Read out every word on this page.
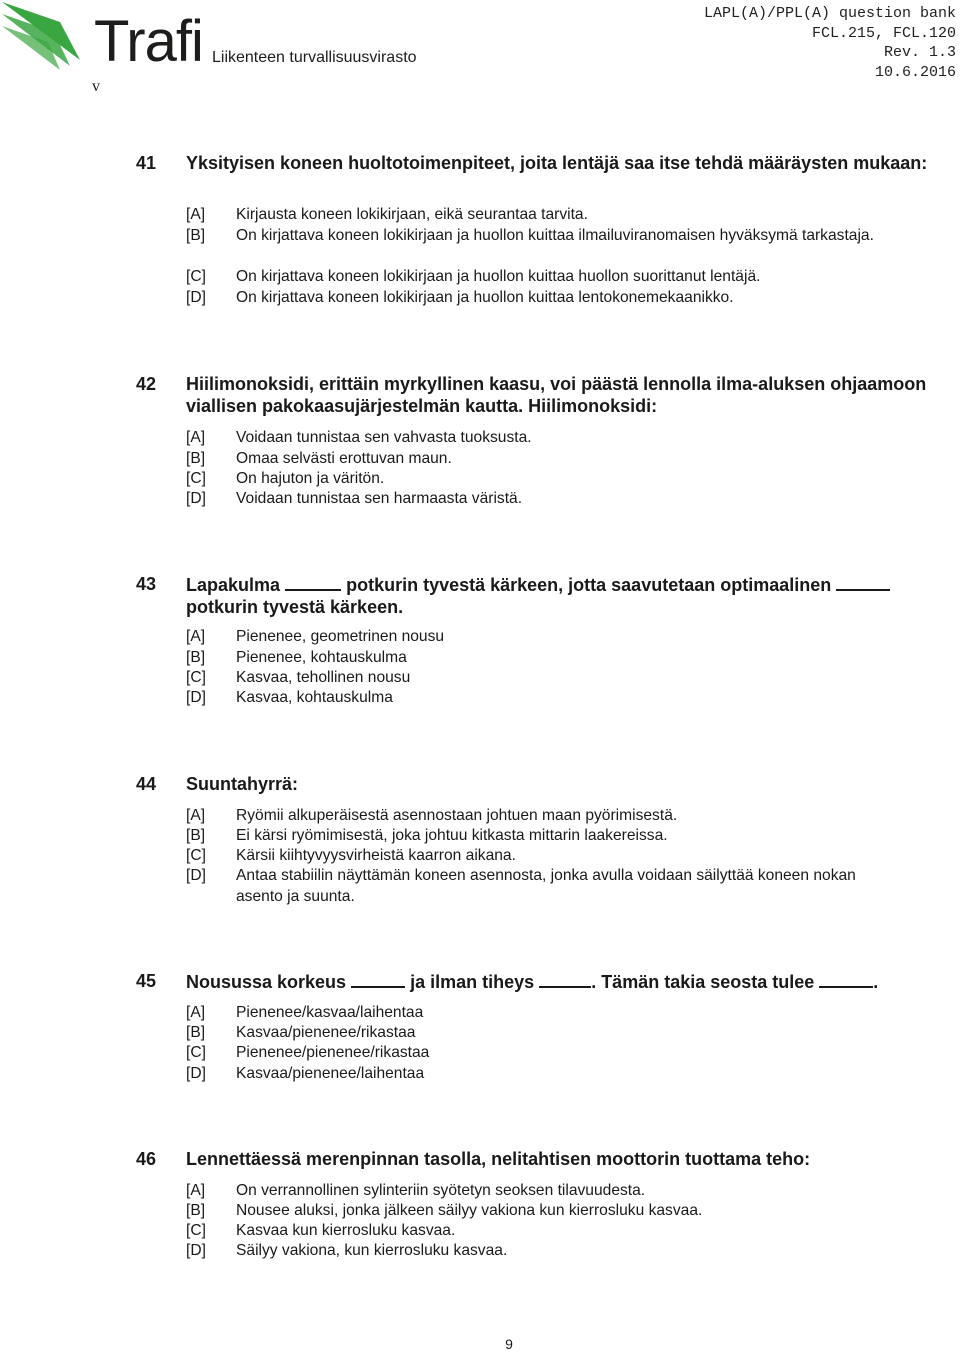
Trafi Liikenteen turvallisuusvirasto
v
LAPL(A)/PPL(A) question bank
FCL.215, FCL.120
Rev. 1.3
10.6.2016
41 Yksityisen koneen huoltotoimenpiteet, joita lentäjä saa itse tehdä määräysten mukaan:
[A] Kirjausta koneen lokikirjaan, eikä seurantaa tarvita.
[B] On kirjattava koneen lokikirjaan ja huollon kuittaa ilmailuviranomaisen hyväksymä tarkastaja.
[C] On kirjattava koneen lokikirjaan ja huollon kuittaa huollon suorittanut lentäjä.
[D] On kirjattava koneen lokikirjaan ja huollon kuittaa lentokonemekaanikko.
42 Hiilimonoksidi, erittäin myrkyllinen kaasu, voi päästä lennolla ilma-aluksen ohjaamoon viallisen pakokaasujärjestelmän kautta. Hiilimonoksidi:
[A] Voidaan tunnistaa sen vahvasta tuoksusta.
[B] Omaa selvästi erottuvan maun.
[C] On hajuton ja väritön.
[D] Voidaan tunnistaa sen harmaasta väristä.
43 Lapakulma	potkurin tyvestä kärkeen, jotta saavutetaan optimaalinen
potkurin tyvestä kärkeen.
[A] Pienenee, geometrinen nousu
[B] Pienenee, kohtauskulma
[C] Kasvaa, tehollinen nousu
[D] Kasvaa, kohtauskulma
44 Suuntahyrrä:
[A] Ryömii alkuperäisestä asennostaan johtuen maan pyörimisestä.
[B] Ei kärsi ryömimisestä, joka johtuu kitkasta mittarin laakereissa.
[C] Kärsii kiihtyvyysvirheistä kaarron aikana.
[D] Antaa stabiilin näyttämän koneen asennosta, jonka avulla voidaan säilyttää koneen nokan asento ja suunta.
45 Nousussa korkeus	ja ilman tiheys	. Tämän takia seosta tulee	.
[A] Pienenee/kasvaa/laihentaa
[B] Kasvaa/pienenee/rikastaa
[C] Pienenee/pienenee/rikastaa
[D] Kasvaa/pienenee/laihentaa
46 Lennettäessä merenpinnan tasolla, nelitahtisen moottorin tuottama teho:
[A] On verrannollinen sylinteriin syötetyn seoksen tilavuudesta.
[B] Nousee aluksi, jonka jälkeen säilyy vakiona kun kierrosluku kasvaa.
[C] Kasvaa kun kierrosluku kasvaa.
[D] Säilyy vakiona, kun kierrosluku kasvaa.
9
